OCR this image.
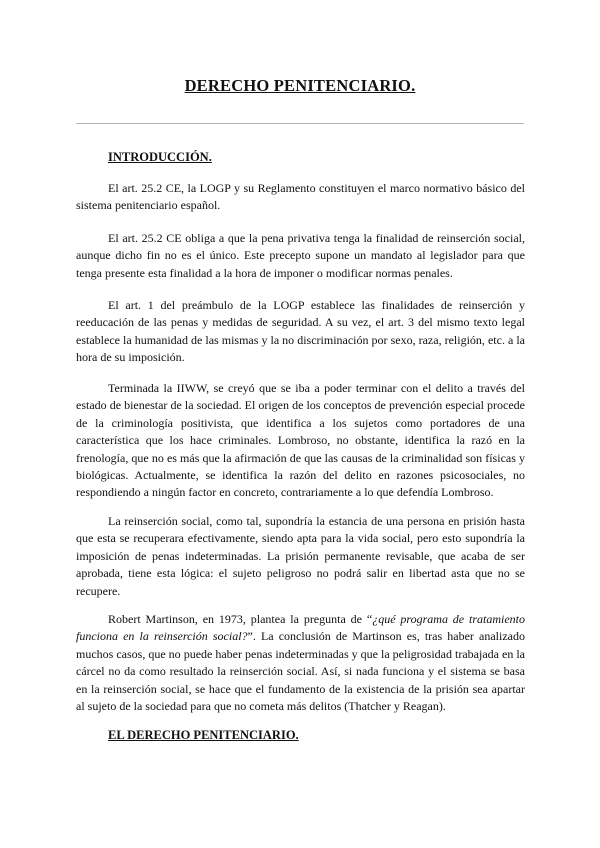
DERECHO PENITENCIARIO.
INTRODUCCIÓN.

El art. 25.2 CE, la LOGP y su Reglamento constituyen el marco normativo básico del sistema penitenciario español.

El art. 25.2 CE obliga a que la pena privativa tenga la finalidad de reinserción social, aunque dicho fin no es el único. Este precepto supone un mandato al legislador para que tenga presente esta finalidad a la hora de imponer o modificar normas penales.

El art. 1 del preámbulo de la LOGP establece las finalidades de reinserción y reeducación de las penas y medidas de seguridad. A su vez, el art. 3 del mismo texto legal establece la humanidad de las mismas y la no discriminación por sexo, raza, religión, etc. a la hora de su imposición.

Terminada la IIWW, se creyó que se iba a poder terminar con el delito a través del estado de bienestar de la sociedad. El origen de los conceptos de prevención especial procede de la criminología positivista, que identifica a los sujetos como portadores de una característica que los hace criminales. Lombroso, no obstante, identifica la razó en la frenología, que no es más que la afirmación de que las causas de la criminalidad son físicas y biológicas. Actualmente, se identifica la razón del delito en razones psicosociales, no respondiendo a ningún factor en concreto, contrariamente a lo que defendía Lombroso.

La reinserción social, como tal, supondría la estancia de una persona en prisión hasta que esta se recuperara efectivamente, siendo apta para la vida social, pero esto supondría la imposición de penas indeterminadas. La prisión permanente revisable, que acaba de ser aprobada, tiene esta lógica: el sujeto peligroso no podrá salir en libertad asta que no se recupere.

Robert Martinson, en 1973, plantea la pregunta de “¿qué programa de tratamiento funciona en la reinserción social?”. La conclusión de Martinson es, tras haber analizado muchos casos, que no puede haber penas indeterminadas y que la peligrosidad trabajada en la cárcel no da como resultado la reinserción social. Así, si nada funciona y el sistema se basa en la reinserción social, se hace que el fundamento de la existencia de la prisión sea apartar al sujeto de la sociedad para que no cometa más delitos (Thatcher y Reagan).

EL DERECHO PENITENCIARIO.
